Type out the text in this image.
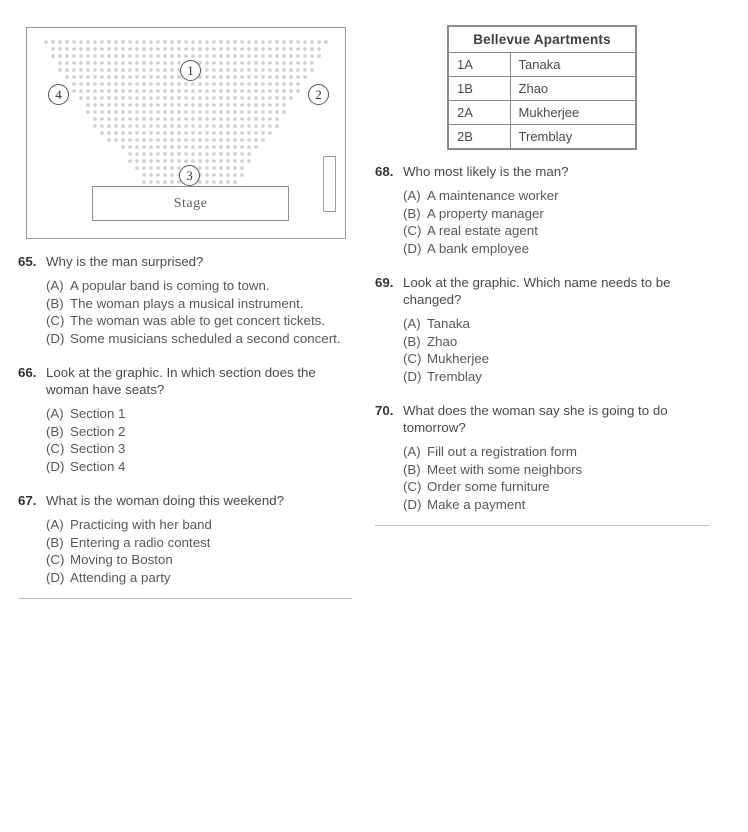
1
2
3
4
Stage
Bellevue Apartments	
1A	Tanaka
1B	Zhao
2A	Mukherjee
2B	Tremblay
65. Why is the man surprised?
(A) A popular band is coming to town.
(B) The woman plays a musical instrument.
(C) The woman was able to get concert tickets.
(D) Some musicians scheduled a second concert.
66. Look at the graphic. In which section does the woman have seats?
(A) Section 1
(B) Section 2
(C) Section 3
(D) Section 4
67. What is the woman doing this weekend?
(A) Practicing with her band
(B) Entering a radio contest
(C) Moving to Boston
(D) Attending a party
68. Who most likely is the man?
(A) A maintenance worker
(B) A property manager
(C) A real estate agent
(D) A bank employee
69. Look at the graphic. Which name needs to be changed?
(A) Tanaka
(B) Zhao
(C) Mukherjee
(D) Tremblay
70. What does the woman say she is going to do tomorrow?
(A) Fill out a registration form
(B) Meet with some neighbors
(C) Order some furniture
(D) Make a payment
